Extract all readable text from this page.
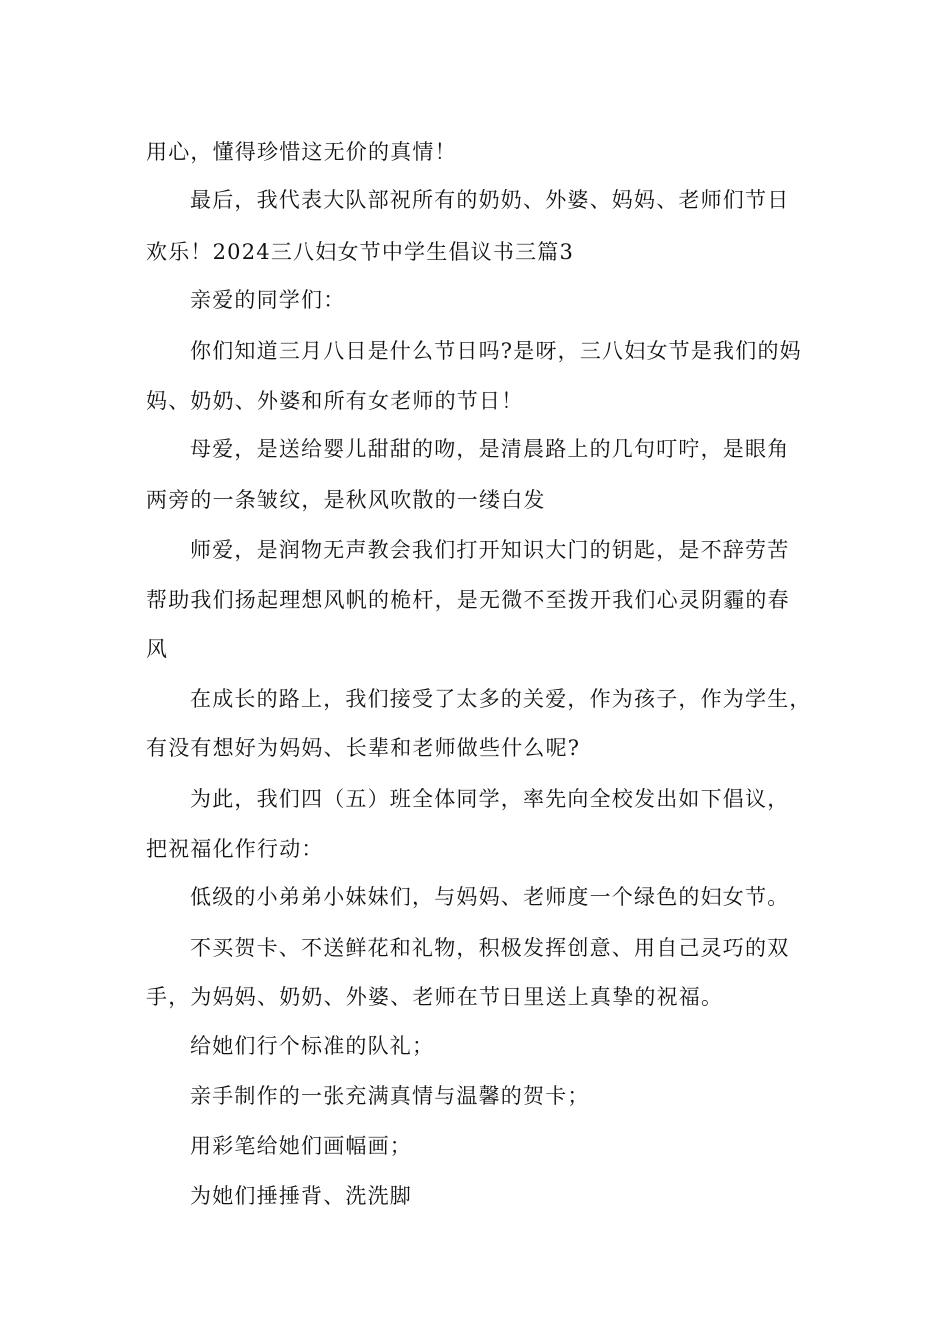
用心，懂得珍惜这无价的真情！
最后，我代表大队部祝所有的奶奶、外婆、妈妈、老师们节日
欢乐！2024三八妇女节中学生倡议书三篇3
亲爱的同学们：
你们知道三月八日是什么节日吗?是呀，三八妇女节是我们的妈
妈、奶奶、外婆和所有女老师的节日！
母爱，是送给婴儿甜甜的吻，是清晨路上的几句叮咛，是眼角
两旁的一条皱纹，是秋风吹散的一缕白发
师爱，是润物无声教会我们打开知识大门的钥匙，是不辞劳苦
帮助我们扬起理想风帆的桅杆，是无微不至拨开我们心灵阴霾的春
风
在成长的路上，我们接受了太多的关爱，作为孩子，作为学生，
有没有想好为妈妈、长辈和老师做些什么呢?
为此，我们四（五）班全体同学，率先向全校发出如下倡议，
把祝福化作行动：
低级的小弟弟小妹妹们，与妈妈、老师度一个绿色的妇女节。
不买贺卡、不送鲜花和礼物，积极发挥创意、用自己灵巧的双
手，为妈妈、奶奶、外婆、老师在节日里送上真挚的祝福。
给她们行个标准的队礼；
亲手制作的一张充满真情与温馨的贺卡；
用彩笔给她们画幅画；
为她们捶捶背、洗洗脚
